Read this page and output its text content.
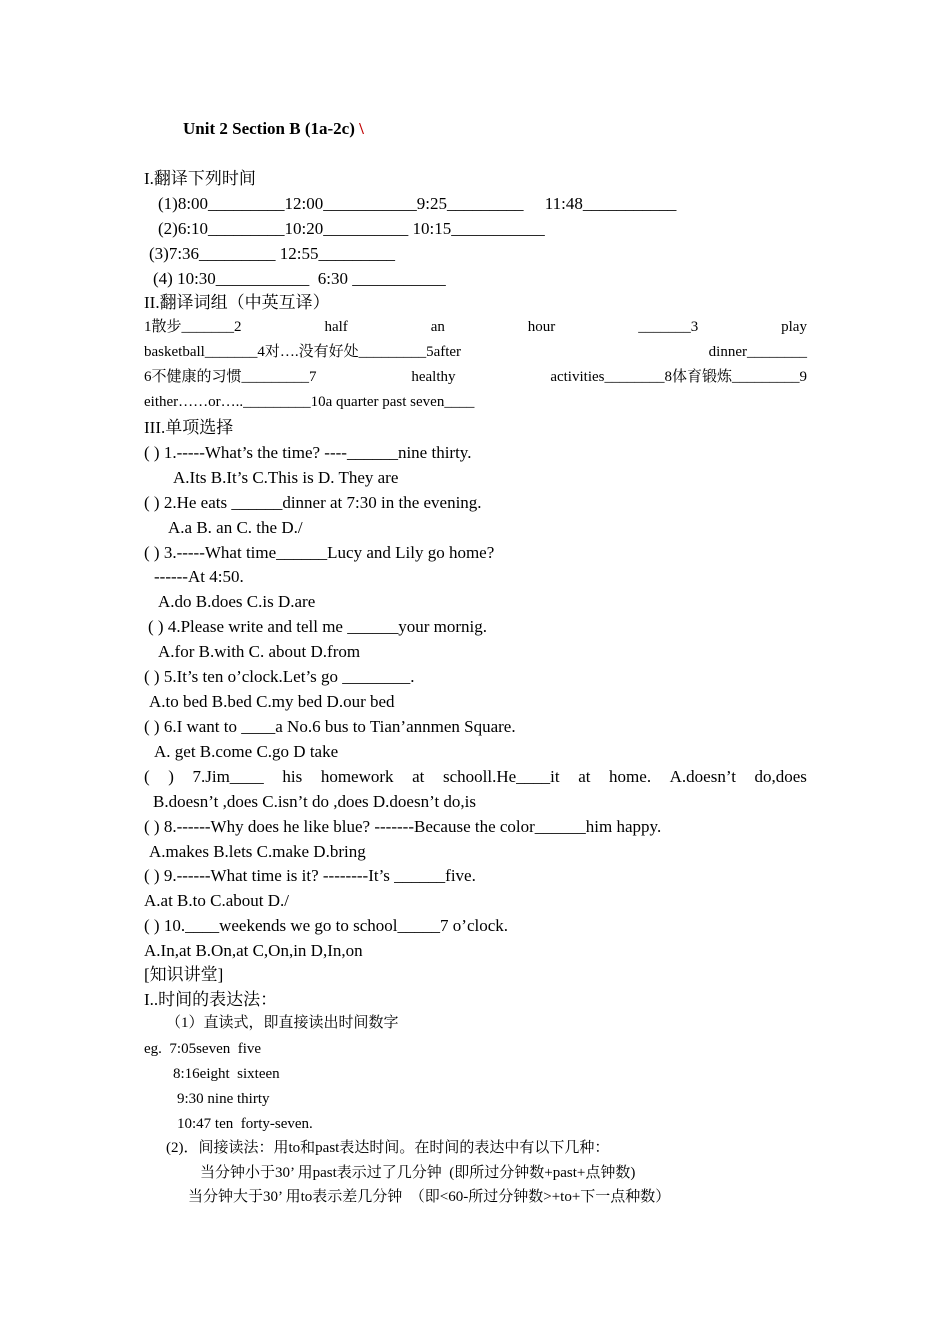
Unit 2 Section B (1a-2c) \
I.翻译下列时间
(1)8:00_________12:00___________9:25_________     11:48___________
(2)6:10_________10:20__________ 10:15___________
(3)7:36_________ 12:55_________
(4) 10:30___________  6:30 ___________
II.翻译词组（中英互译）
1散步_______2	half	an	hour	_______3	play
basketball_______4对….没有好处_________5after	dinner________
6不健康的习惯_________7	healthy	activities________8体育锻炼_________9
either……or….._________10a quarter past seven____
III.单项选择
( ) 1.-----What’s the time? ----______nine thirty.
A.Its B.It’s C.This is D. They are
( ) 2.He eats ______dinner at 7:30 in the evening.
A.a B. an C. the D./
( ) 3.-----What time______Lucy and Lily go home?
------At 4:50.
A.do B.does C.is D.are
( ) 4.Please write and tell me ______your mornig.
A.for B.with C. about D.from
( ) 5.It’s ten o’clock.Let’s go ________.
A.to bed B.bed C.my bed D.our bed
( ) 6.I want to ____a No.6 bus to Tian’annmen Square.
A. get B.come C.go D take
( ) 7.Jim____ his homework at schooll.He____it at home. A.doesn’t do,does
B.doesn’t ,does C.isn’t do ,does D.doesn’t do,is
( ) 8.------Why does he like blue? -------Because the color______him happy.
A.makes B.lets C.make D.bring
( ) 9.------What time is it? --------It’s ______five.
A.at B.to C.about D./
( ) 10.____weekends we go to school_____7 o’clock.
A.In,at B.On,at C,On,in D,In,on
[知识讲堂]
I..时间的表达法：
（1）直读式，即直接读出时间数字
eg.  7:05seven  five
8:16eight  sixteen
9:30 nine thirty
10:47 ten  forty-seven.
(2)．间接读法：用to和past表达时间。在时间的表达中有以下几种：
当分钟小于30’ 用past表示过了几分钟  (即所过分钟数+past+点钟数)
当分钟大于30’ 用to表示差几分钟  （即<60-所过分钟数>+to+下一点种数）
